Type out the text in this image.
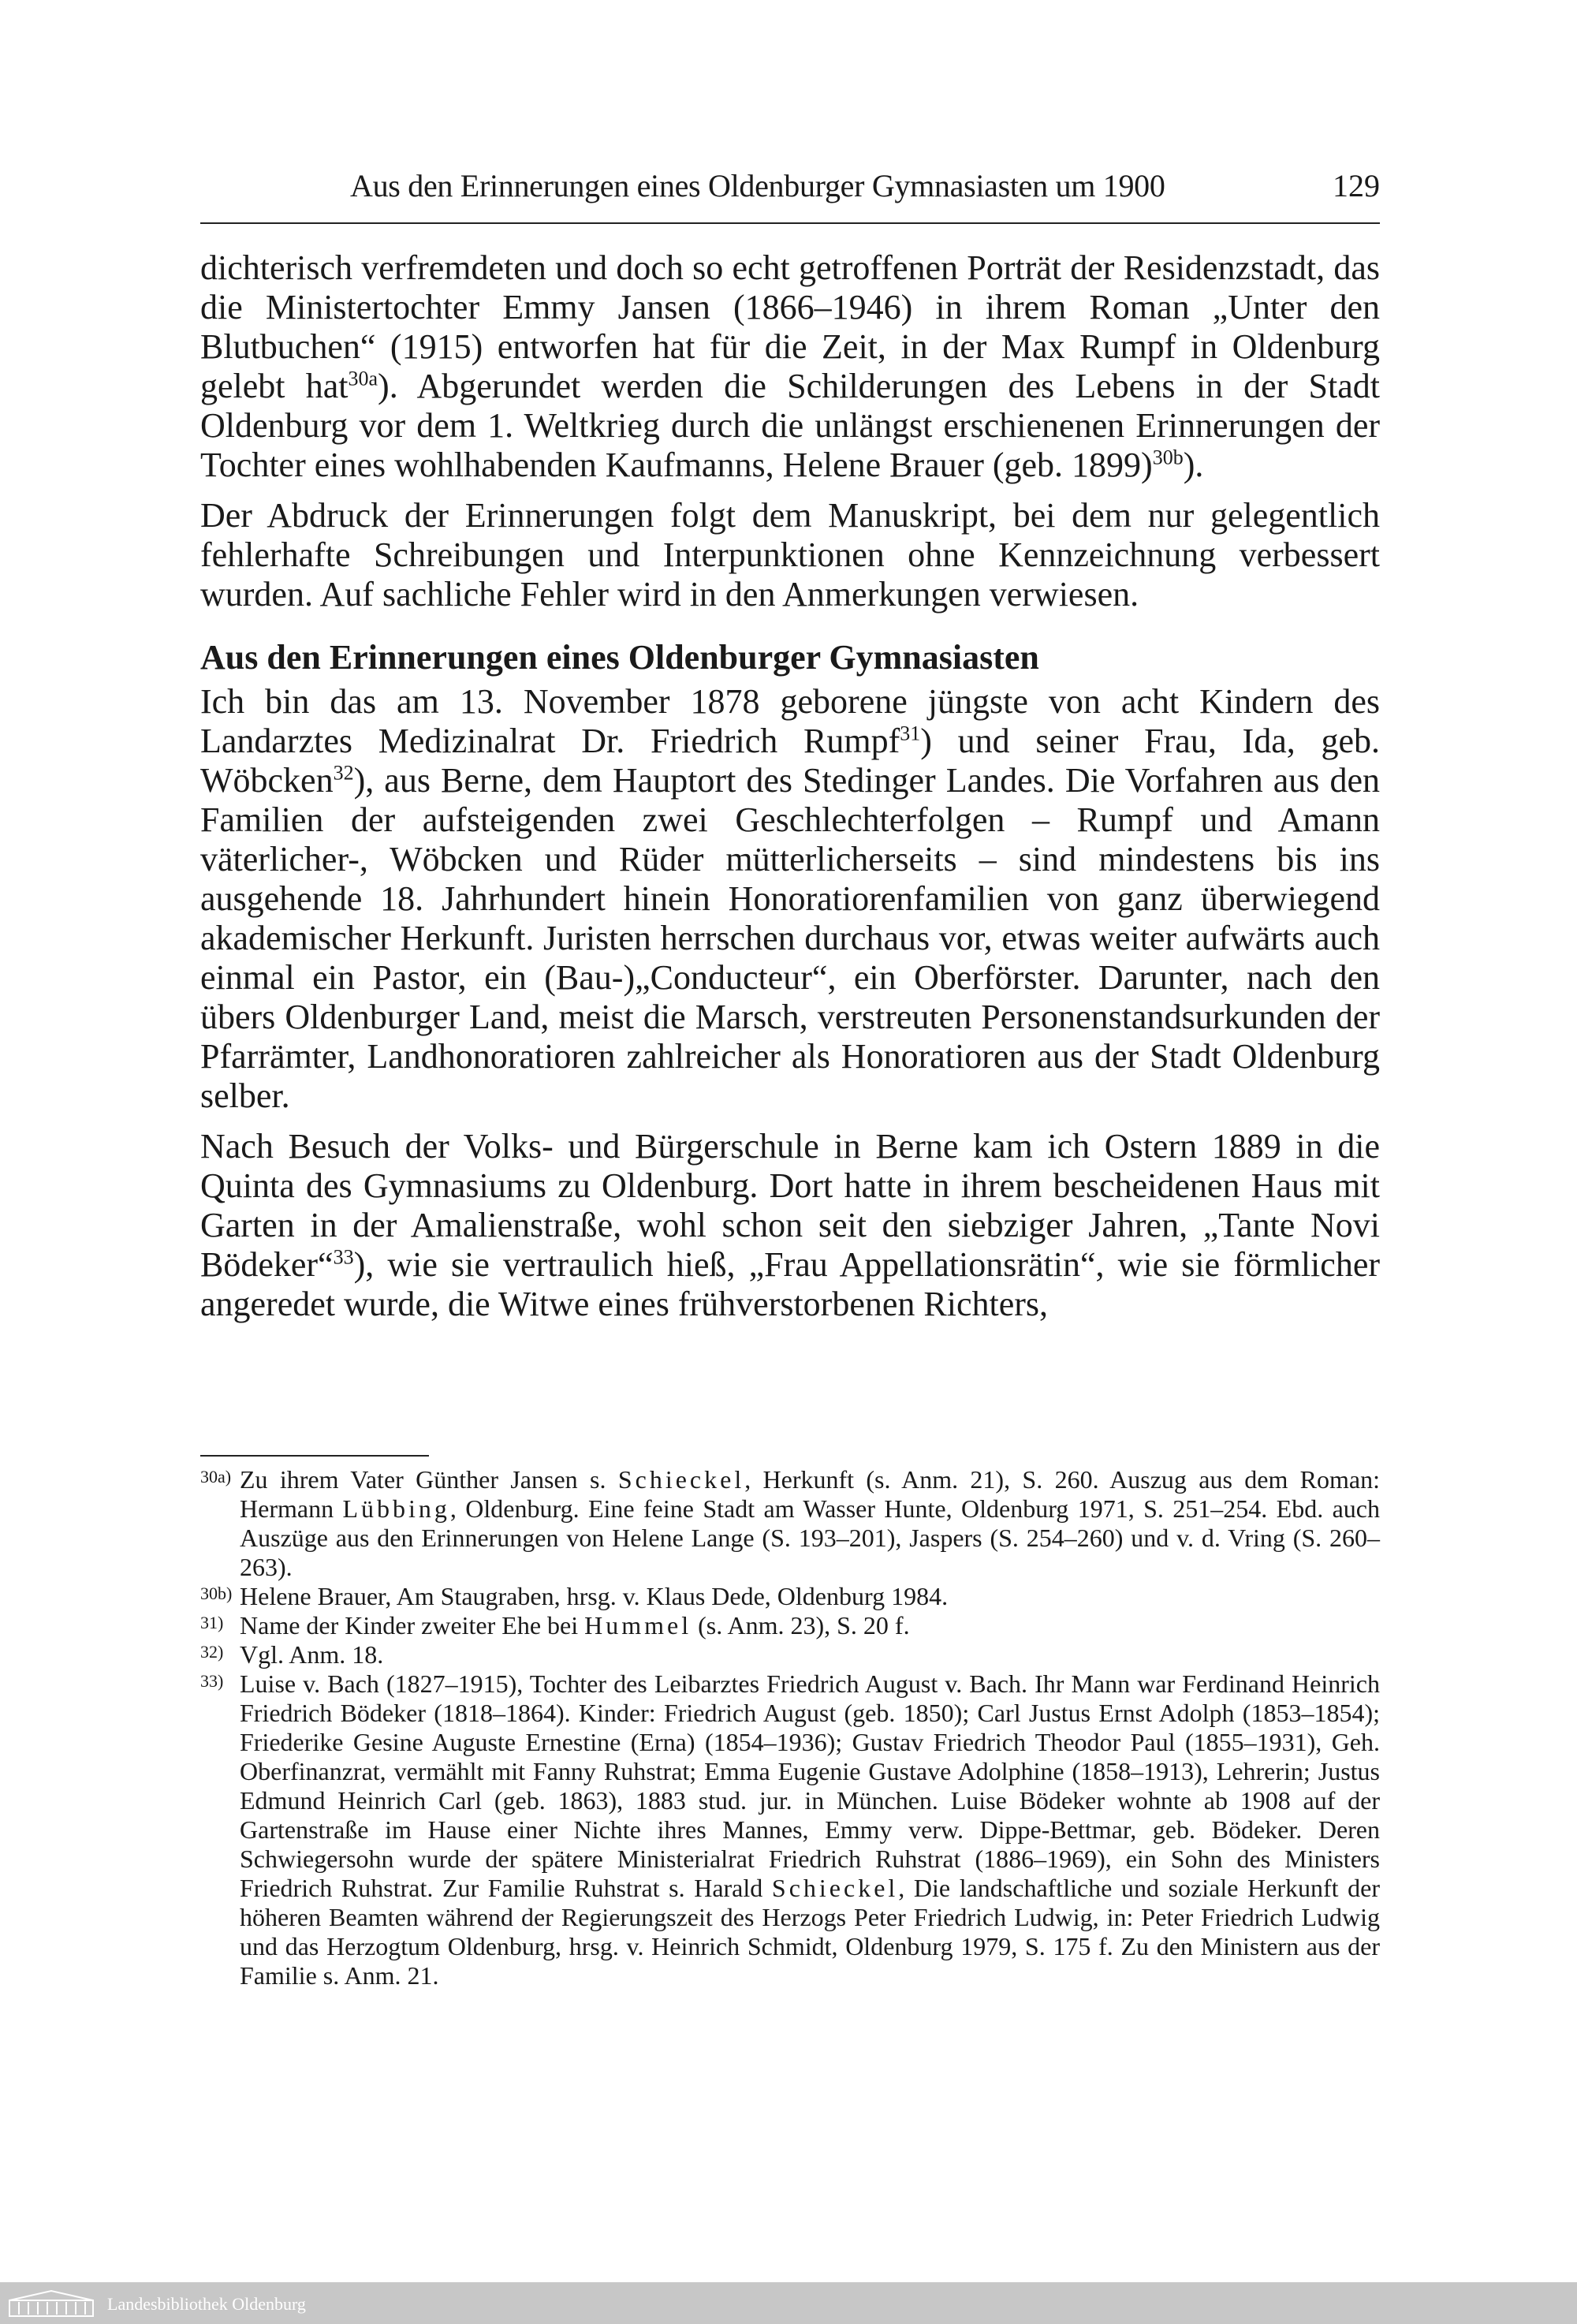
Aus den Erinnerungen eines Oldenburger Gymnasiasten um 1900	129

dichterisch verfremdeten und doch so echt getroffenen Porträt der Residenzstadt, das die Ministertochter Emmy Jansen (1866–1946) in ihrem Roman „Unter den Blutbuchen“ (1915) entworfen hat für die Zeit, in der Max Rumpf in Oldenburg gelebt hat$^{30a}$). Abgerundet werden die Schilderungen des Lebens in der Stadt Oldenburg vor dem 1. Weltkrieg durch die unlängst erschienenen Erinnerungen der Tochter eines wohlhabenden Kaufmanns, Helene Brauer (geb. 1899)$^{30b}$).

Der Abdruck der Erinnerungen folgt dem Manuskript, bei dem nur gelegentlich fehlerhafte Schreibungen und Interpunktionen ohne Kennzeichnung verbessert wurden. Auf sachliche Fehler wird in den Anmerkungen verwiesen.

Aus den Erinnerungen eines Oldenburger Gymnasiasten

Ich bin das am 13. November 1878 geborene jüngste von acht Kindern des Landarztes Medizinalrat Dr. Friedrich Rumpf$^{31}$) und seiner Frau, Ida, geb. Wöbcken$^{32}$), aus Berne, dem Hauptort des Stedinger Landes. Die Vorfahren aus den Familien der aufsteigenden zwei Geschlechterfolgen – Rumpf und Amann väterlicher-, Wöbcken und Rüder mütterlicherseits – sind mindestens bis ins ausgehende 18. Jahrhundert hinein Honoratiorenfamilien von ganz überwiegend akademischer Herkunft. Juristen herrschen durchaus vor, etwas weiter aufwärts auch einmal ein Pastor, ein (Bau-)„Conducteur“, ein Oberförster. Darunter, nach den übers Oldenburger Land, meist die Marsch, verstreuten Personenstandsurkunden der Pfarrämter, Landhonoratioren zahlreicher als Honoratioren aus der Stadt Oldenburg selber.

Nach Besuch der Volks- und Bürgerschule in Berne kam ich Ostern 1889 in die Quinta des Gymnasiums zu Oldenburg. Dort hatte in ihrem bescheidenen Haus mit Garten in der Amalienstraße, wohl schon seit den siebziger Jahren, „Tante Novi Bödeker“$^{33}$), wie sie vertraulich hieß, „Frau Appellationsrätin“, wie sie förmlicher angeredet wurde, die Witwe eines frühverstorbenen Richters,

30a) Zu ihrem Vater Günther Jansen s. Schieckel, Herkunft (s. Anm. 21), S. 260. Auszug aus dem Roman: Hermann Lübbing, Oldenburg. Eine feine Stadt am Wasser Hunte, Oldenburg 1971, S. 251–254. Ebd. auch Auszüge aus den Erinnerungen von Helene Lange (S. 193–201), Jaspers (S. 254–260) und v. d. Vring (S. 260–263).
30b) Helene Brauer, Am Staugraben, hrsg. v. Klaus Dede, Oldenburg 1984.
31) Name der Kinder zweiter Ehe bei Hummel (s. Anm. 23), S. 20 f.
32) Vgl. Anm. 18.
33) Luise v. Bach (1827–1915), Tochter des Leibarztes Friedrich August v. Bach. Ihr Mann war Ferdinand Heinrich Friedrich Bödeker (1818–1864). Kinder: Friedrich August (geb. 1850); Carl Justus Ernst Adolph (1853–1854); Friederike Gesine Auguste Ernestine (Erna) (1854–1936); Gustav Friedrich Theodor Paul (1855–1931), Geh. Oberfinanzrat, vermählt mit Fanny Ruhstrat; Emma Eugenie Gustave Adolphine (1858–1913), Lehrerin; Justus Edmund Heinrich Carl (geb. 1863), 1883 stud. jur. in München. Luise Bödeker wohnte ab 1908 auf der Gartenstraße im Hause einer Nichte ihres Mannes, Emmy verw. Dippe-Bettmar, geb. Bödeker. Deren Schwiegersohn wurde der spätere Ministerialrat Friedrich Ruhstrat (1886–1969), ein Sohn des Ministers Friedrich Ruhstrat. Zur Familie Ruhstrat s. Harald Schieckel, Die landschaftliche und soziale Herkunft der höheren Beamten während der Regierungszeit des Herzogs Peter Friedrich Ludwig, in: Peter Friedrich Ludwig und das Herzogtum Oldenburg, hrsg. v. Heinrich Schmidt, Oldenburg 1979, S. 175 f. Zu den Ministern aus der Familie s. Anm. 21.
Landesbibliothek Oldenburg
